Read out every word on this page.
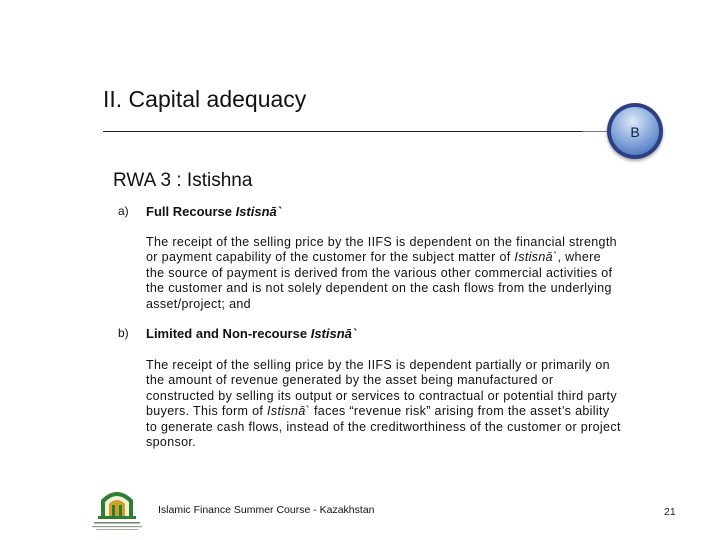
II. Capital adequacy
B
RWA 3 : Istishna
a) Full Recourse Istisnā`
The receipt of the selling price by the IIFS is dependent on the financial strength or payment capability of the customer for the subject matter of Istisnā`, where the source of payment is derived from the various other commercial activities of the customer and is not solely dependent on the cash flows from the underlying asset/project; and
b) Limited and Non-recourse Istisnā`
The receipt of the selling price by the IIFS is dependent partially or primarily on the amount of revenue generated by the asset being manufactured or constructed by selling its output or services to contractual or potential third party buyers. This form of Istisnā` faces “revenue risk” arising from the asset’s ability to generate cash flows, instead of the creditworthiness of the customer or project sponsor.
Islamic Finance Summer Course - Kazakhstan	21
